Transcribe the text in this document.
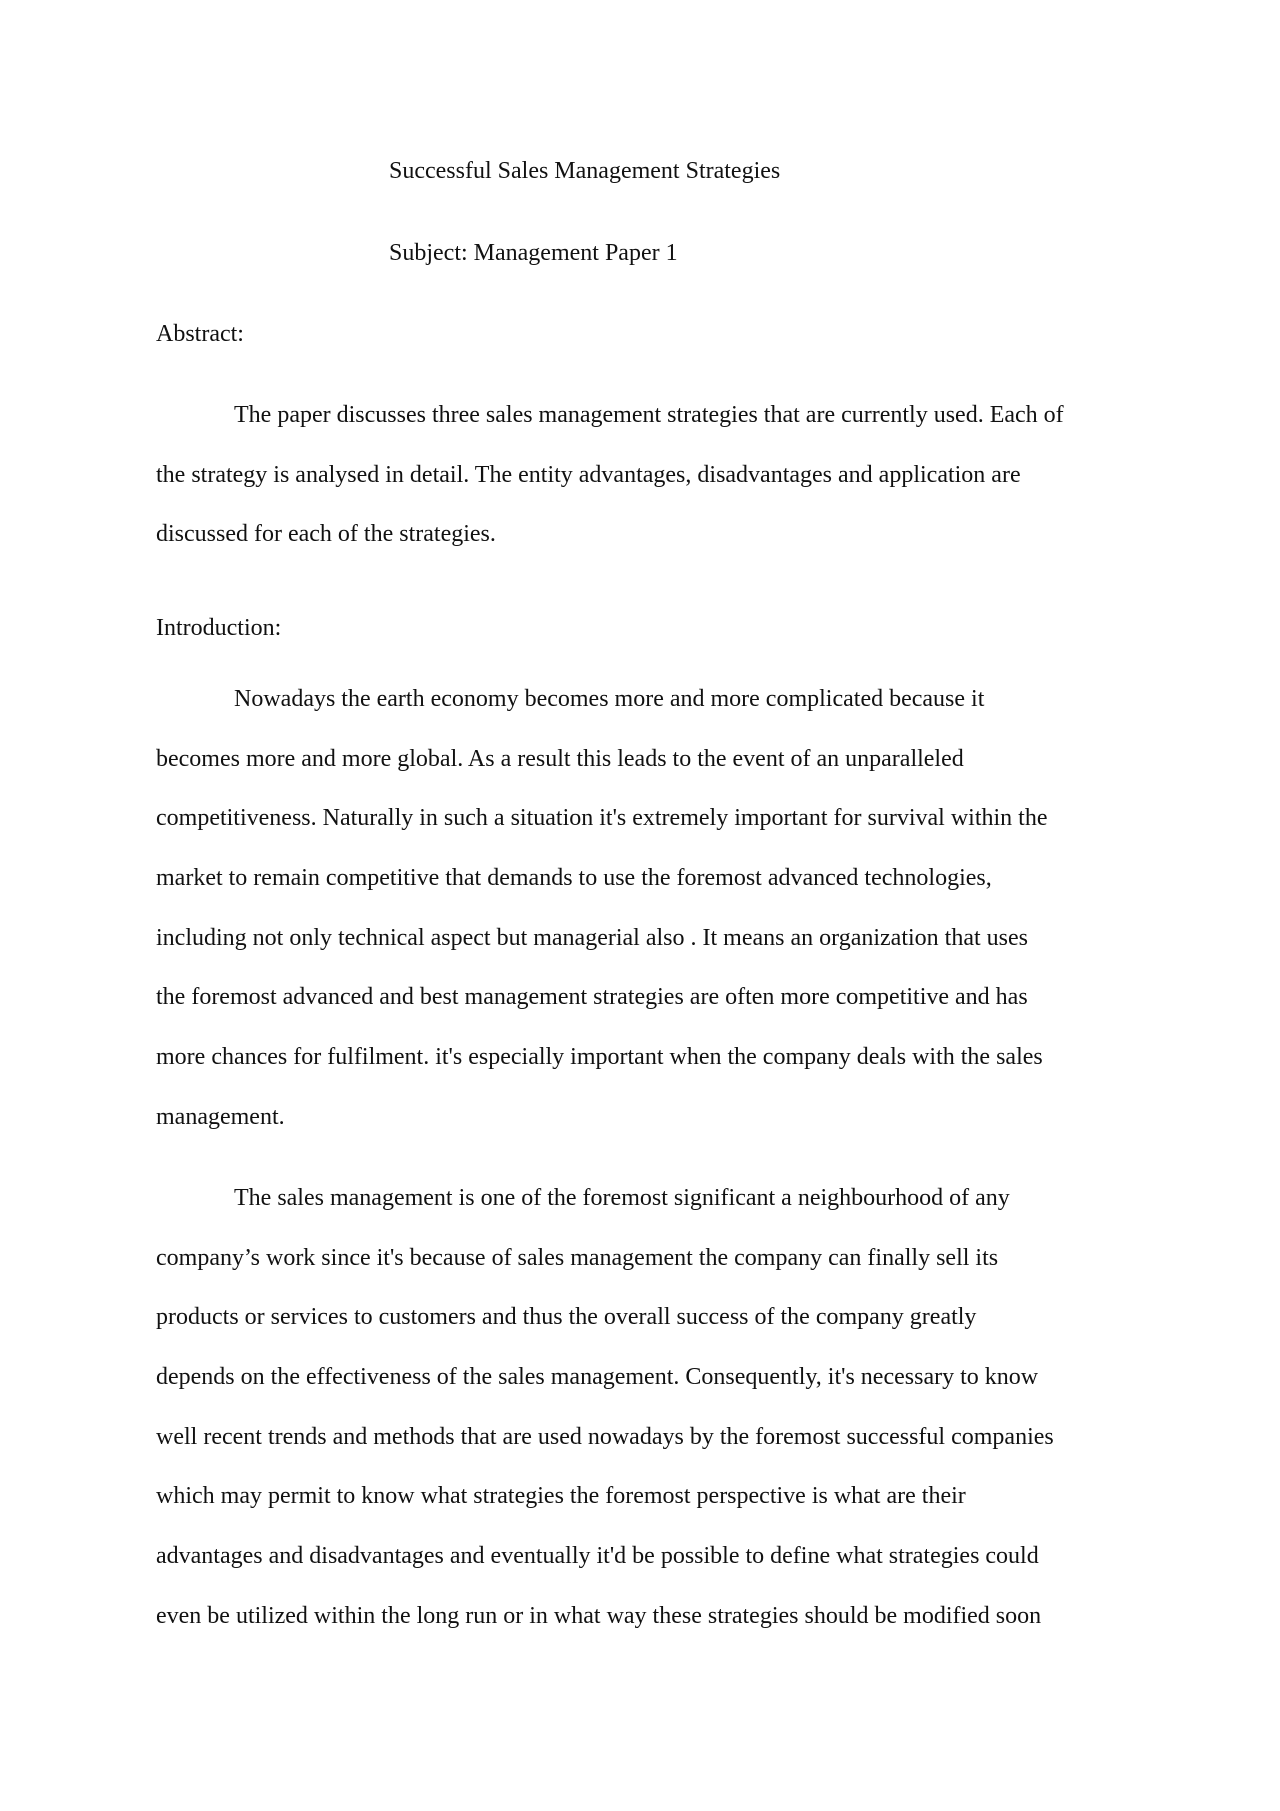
Successful Sales Management Strategies
Subject: Management Paper 1
Abstract:
The paper discusses three sales management strategies that are currently used. Each of
the strategy is analysed in detail. The entity advantages, disadvantages and application are
discussed for each of the strategies.
Introduction:
Nowadays the earth economy becomes more and more complicated because it
becomes more and more global. As a result this leads to the event of an unparalleled
competitiveness. Naturally in such a situation it's extremely important for survival within the
market to remain competitive that demands to use the foremost advanced technologies,
including not only technical aspect but managerial also . It means an organization that uses
the foremost advanced and best management strategies are often more competitive and has
more chances for fulfilment. it's especially important when the company deals with the sales
management.
The sales management is one of the foremost significant a neighbourhood of any
company’s work since it's because of sales management the company can finally sell its
products or services to customers and thus the overall success of the company greatly
depends on the effectiveness of the sales management. Consequently, it's necessary to know
well recent trends and methods that are used nowadays by the foremost successful companies
which may permit to know what strategies the foremost perspective is what are their
advantages and disadvantages and eventually it'd be possible to define what strategies could
even be utilized within the long run or in what way these strategies should be modified soon
